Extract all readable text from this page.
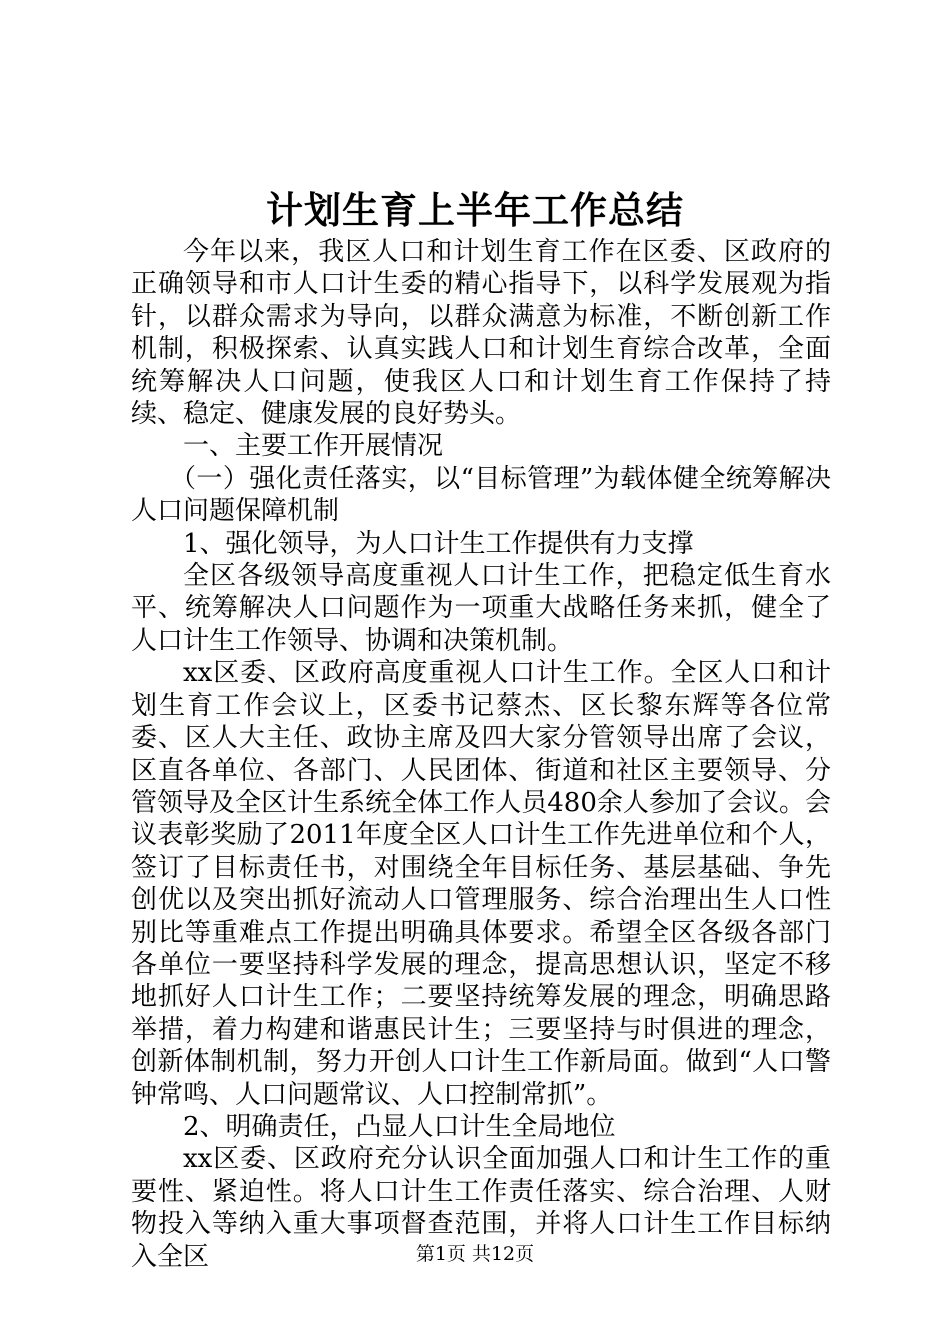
计划生育上半年工作总结

今年以来，我区人口和计划生育工作在区委、区政府的正确领导和市人口计生委的精心指导下，以科学发展观为指针，以群众需求为导向，以群众满意为标准，不断创新工作机制，积极探索、认真实践人口和计划生育综合改革，全面统筹解决人口问题，使我区人口和计划生育工作保持了持续、稳定、健康发展的良好势头。

一、主要工作开展情况

（一）强化责任落实，以“目标管理”为载体健全统筹解决人口问题保障机制

1、强化领导，为人口计生工作提供有力支撑

全区各级领导高度重视人口计生工作，把稳定低生育水平、统筹解决人口问题作为一项重大战略任务来抓，健全了人口计生工作领导、协调和决策机制。

xx区委、区政府高度重视人口计生工作。全区人口和计划生育工作会议上，区委书记蔡杰、区长黎东辉等各位常委、区人大主任、政协主席及四大家分管领导出席了会议，区直各单位、各部门、人民团体、街道和社区主要领导、分管领导及全区计生系统全体工作人员480余人参加了会议。会议表彰奖励了2011年度全区人口计生工作先进单位和个人，签订了目标责任书，对围绕全年目标任务、基层基础、争先创优以及突出抓好流动人口管理服务、综合治理出生人口性别比等重难点工作提出明确具体要求。希望全区各级各部门各单位一要坚持科学发展的理念，提高思想认识，坚定不移地抓好人口计生工作；二要坚持统筹发展的理念，明确思路举措，着力构建和谐惠民计生；三要坚持与时俱进的理念，创新体制机制，努力开创人口计生工作新局面。做到“人口警钟常鸣、人口问题常议、人口控制常抓”。

2、明确责任，凸显人口计生全局地位

xx区委、区政府充分认识全面加强人口和计生工作的重要性、紧迫性。将人口计生工作责任落实、综合治理、人财物投入等纳入重大事项督查范围，并将人口计生工作目标纳入全区	第1页 共12页
